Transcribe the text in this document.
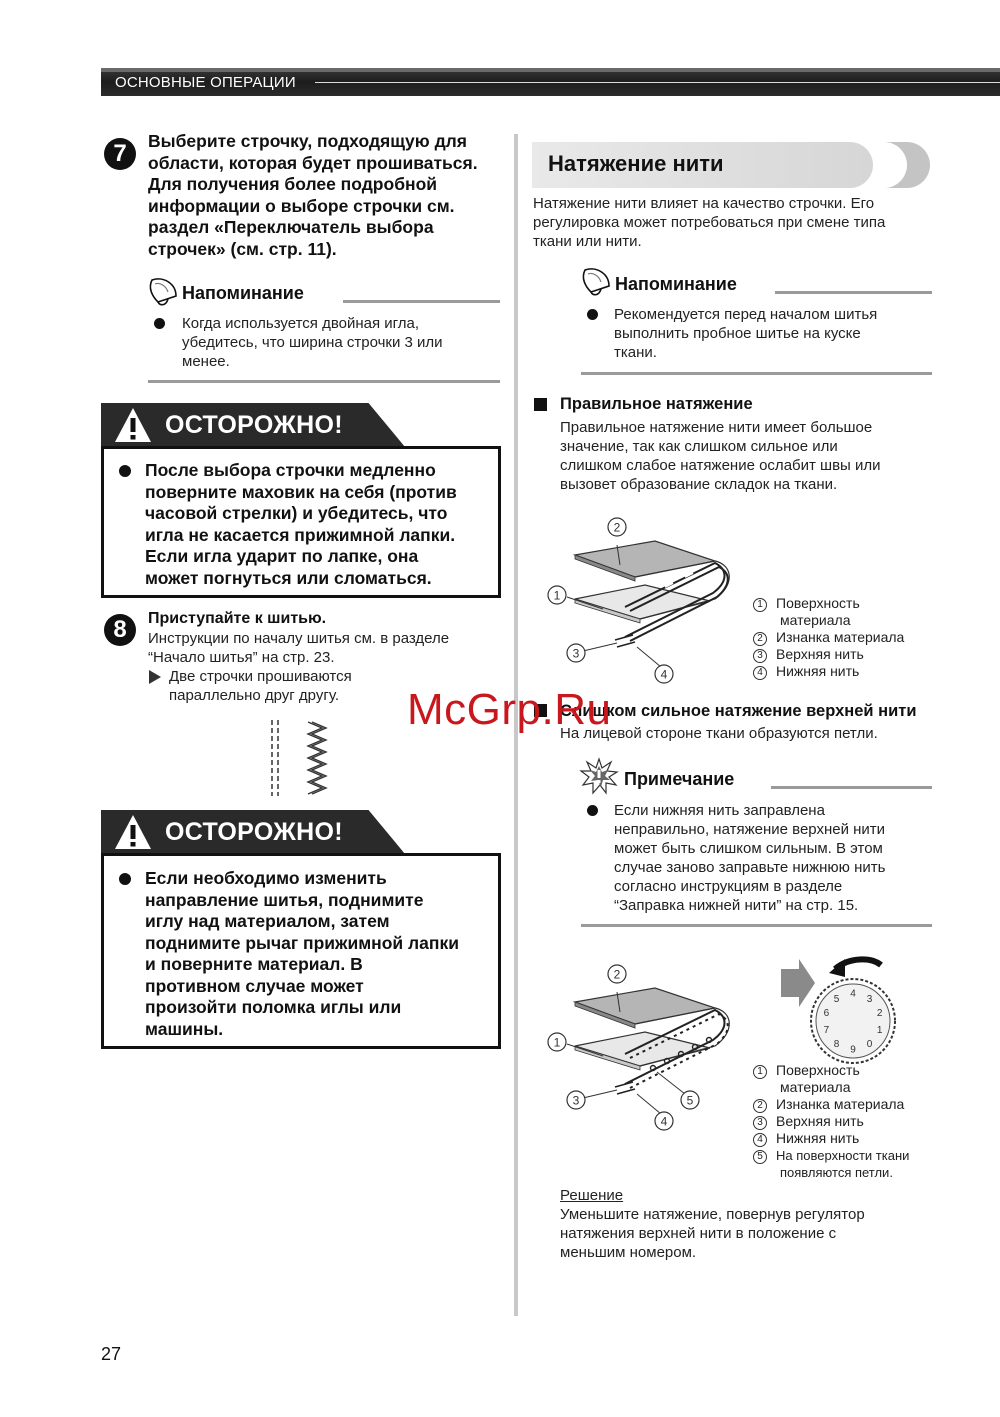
ОСНОВНЫЕ ОПЕРАЦИИ
7	Выберите строчку, подходящую для
области, которая будет прошиваться.
Для получения более подробной
информации о выборе строчки см.
раздел «Переключатель выбора
строчек» (см. стр. 11).
Напоминание
Когда используется двойная игла,
убедитесь, что ширина строчки 3 или
менее.
ОСТОРОЖНО!
После выбора строчки медленно
поверните маховик на себя (против
часовой стрелки) и убедитесь, что
игла не касается прижимной лапки.
Если игла ударит по лапке, она
может погнуться или сломаться.
8	Приступайте к шитью.
Инструкции по началу шитья см. в разделе
“Начало шитья” на стр. 23.
Две строчки прошиваются
параллельно друг другу.
ОСТОРОЖНО!
Если необходимо изменить
направление шитья, поднимите
иглу над материалом, затем
поднимите рычаг прижимной лапки
и поверните материал. В
противном случае может
произойти поломка иглы или
машины.
Натяжение нити
Натяжение нити влияет на качество строчки. Его
регулировка может потребоваться при смене типа
ткани или нити.
Напоминание
Рекомендуется перед началом шитья
выполнить пробное шитье на куске
ткани.
Правильное натяжение
Правильное натяжение нити имеет большое
значение, так как слишком сильное или
слишком слабое натяжение ослабит швы или
вызовет образование складок на ткани.
2
1
3
4
1 Поверхность
материала
2 Изнанка материала
3 Верхняя нить
4 Нижняя нить
Слишком сильное натяжение верхней нити
На лицевой стороне ткани образуются петли.
Примечание
Если нижняя нить заправлена
неправильно, натяжение верхней нити
может быть слишком сильным. В этом
случае заново заправьте нижнюю нить
согласно инструкциям в разделе
“Заправка нижней нити” на стр. 15.
2
1
3
4
5
4 3
2
1
0
9
8
7
6
5
1 Поверхность
материала
2 Изнанка материала
3 Верхняя нить
4 Нижняя нить
5 На поверхности ткани
появляются петли.
Решение
Уменьшите натяжение, повернув регулятор
натяжения верхней нити в положение с
меньшим номером.
McGrp.Ru
27
